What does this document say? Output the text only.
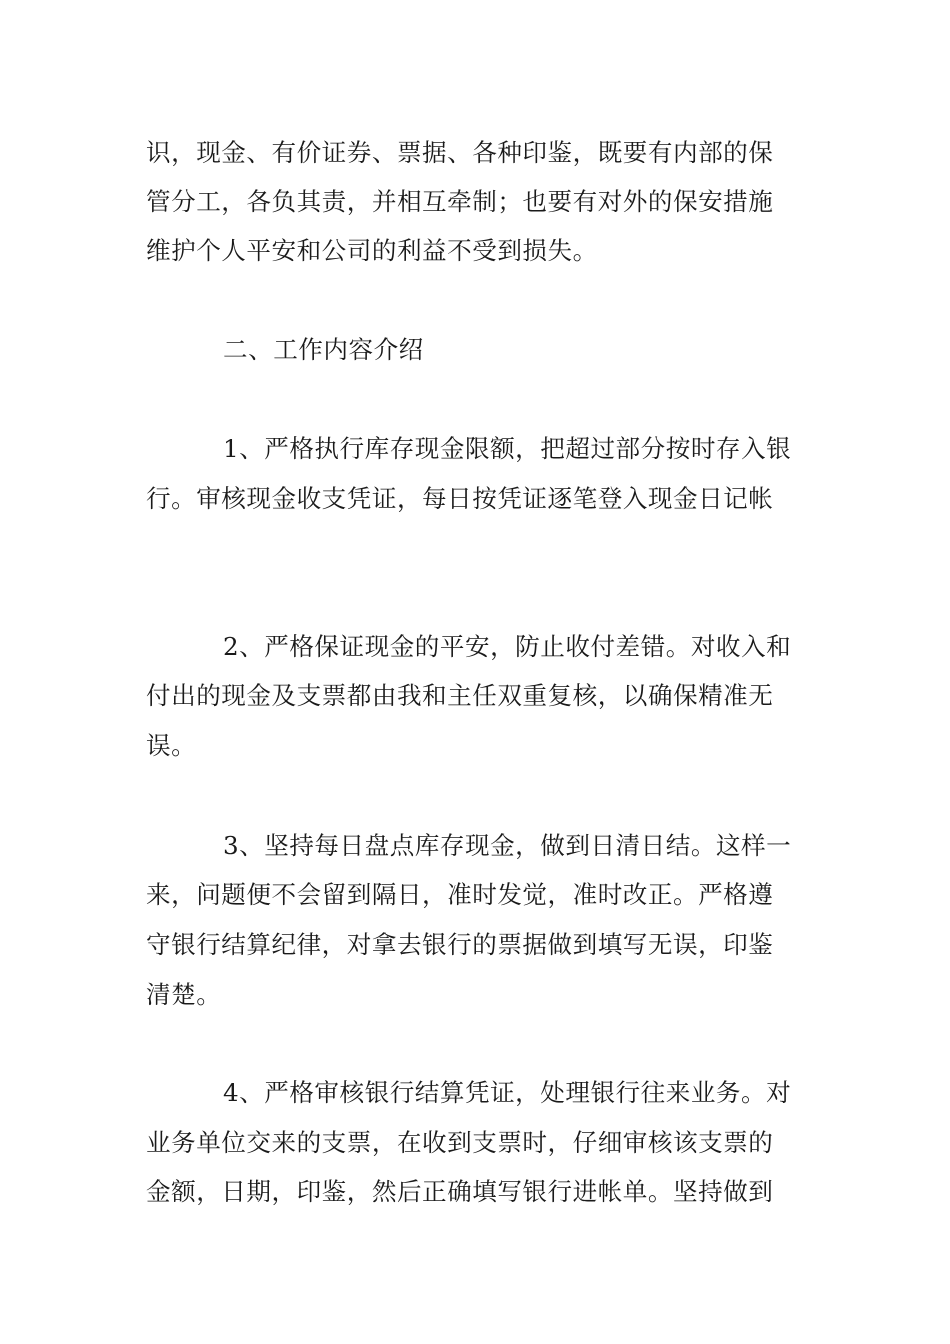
识，现金、有价证券、票据、各种印鉴，既要有内部的保
管分工，各负其责，并相互牵制；也要有对外的保安措施
维护个人平安和公司的利益不受到损失。
二、工作内容介绍
1、严格执行库存现金限额，把超过部分按时存入银
行。审核现金收支凭证，每日按凭证逐笔登入现金日记帐
2、严格保证现金的平安，防止收付差错。对收入和
付出的现金及支票都由我和主任双重复核，以确保精准无
误。
3、坚持每日盘点库存现金，做到日清日结。这样一
来，问题便不会留到隔日，准时发觉，准时改正。严格遵
守银行结算纪律，对拿去银行的票据做到填写无误，印鉴
清楚。
4、严格审核银行结算凭证，处理银行往来业务。对
业务单位交来的支票，在收到支票时，仔细审核该支票的
金额，日期，印鉴，然后正确填写银行进帐单。坚持做到
